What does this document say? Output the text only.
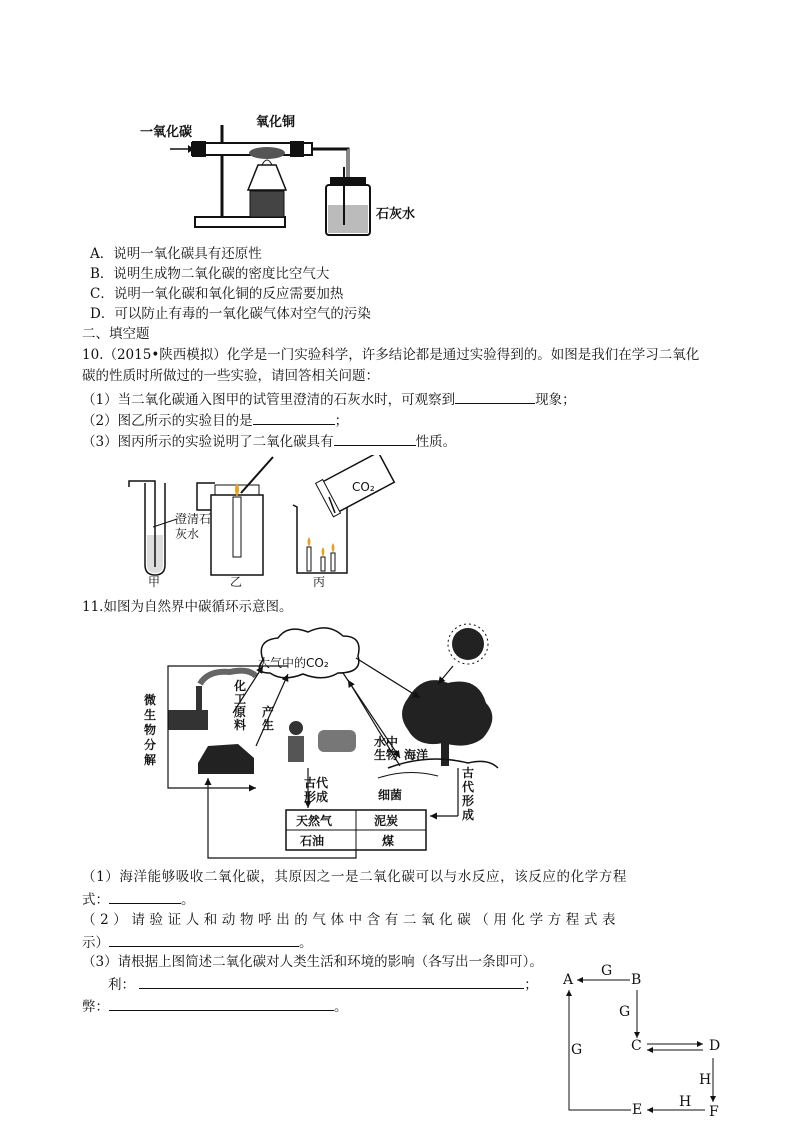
一氧化碳
氧化铜
石灰水
A．说明一氧化碳具有还原性
B．说明生成物二氧化碳的密度比空气大
C．说明一氧化碳和氧化铜的反应需要加热
D．可以防止有毒的一氧化碳气体对空气的污染
二、填空题
10.（2015•陕西模拟）化学是一门实验科学，许多结论都是通过实验得到的。如图是我们在学习二氧化
碳的性质时所做过的一些实验，请回答相关问题：
（1）当二氧化碳通入图甲的试管里澄清的石灰水时，可观察到	现象；
（2）图乙所示的实验目的是	；
（3）图丙所示的实验说明了二氧化碳具有	性质。
澄清石灰水
CO₂
甲	乙	丙
11.如图为自然界中碳循环示意图。
大气中的CO₂
微生物分解
化工原料
产生
水中生物 海洋
古代形成	细菌
古代形成
天然气	泥炭
石油	煤
（1）海洋能够吸收二氧化碳，其原因之一是二氧化碳可以与水反应，该反应的化学方程
式：	。
（2）请验证人和动物呼出的气体中含有二氧化碳（用化学方程式表
示）	。
（3）请根据上图简述二氧化碳对人类生活和环境的影响（各写出一条即可）。
利：	；
弊：	。
A	B
C	D
E	F
G
G
G
H
H
